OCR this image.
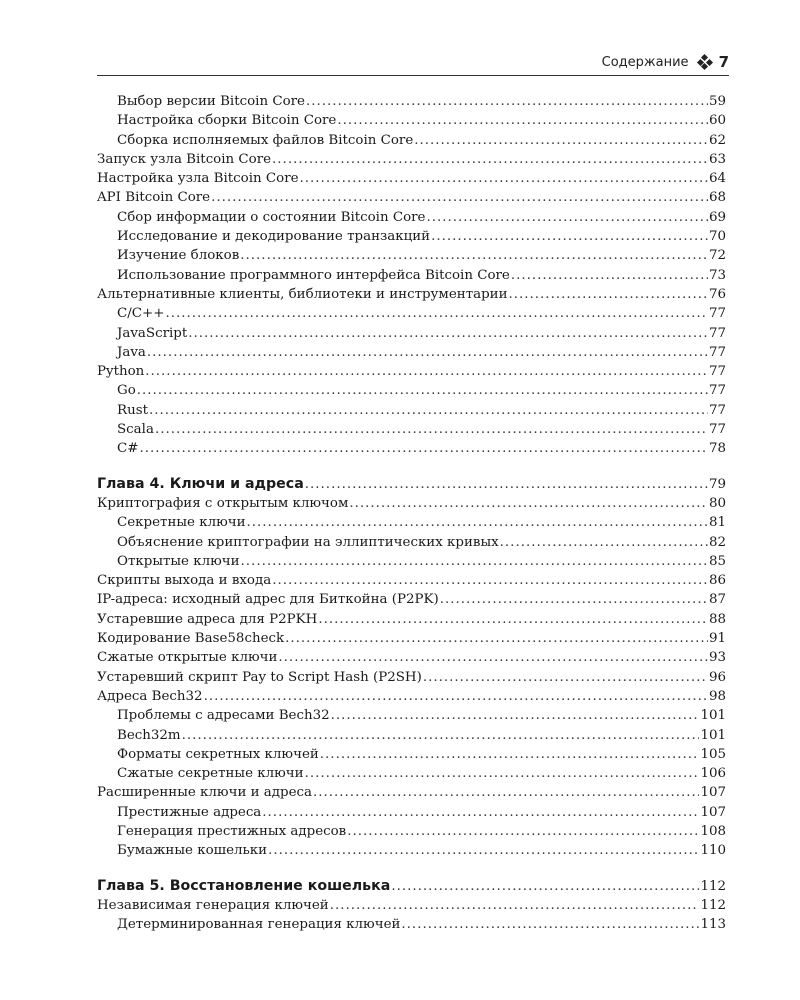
Содержание 7
Выбор версии Bitcoin Core .....	59
Настройка сборки Bitcoin Core .....	60
Сборка исполняемых файлов Bitcoin Core .....	62
Запуск узла Bitcoin Core .....	63
Настройка узла Bitcoin Core .....	64
API Bitcoin Core .....	68
Сбор информации о состоянии Bitcoin Core .....	69
Исследование и декодирование транзакций .....	70
Изучение блоков .....	72
Использование программного интерфейса Bitcoin Core .....	73
Альтернативные клиенты, библиотеки и инструментарии .....	76
C/C++ .....	77
JavaScript .....	77
Java .....	77
Python .....	77
Go .....	77
Rust .....	77
Scala .....	77
C# .....	78
Глава 4. Ключи и адреса .....	79
Криптография с открытым ключом .....	80
Секретные ключи .....	81
Объяснение криптографии на эллиптических кривых .....	82
Открытые ключи .....	85
Скрипты выхода и входа .....	86
IP-адреса: исходный адрес для Биткойна (P2PK) .....	87
Устаревшие адреса для P2PKH .....	88
Кодирование Base58check .....	91
Сжатые открытые ключи .....	93
Устаревший скрипт Pay to Script Hash (P2SH) .....	96
Адреса Bech32 .....	98
Проблемы с адресами Bech32 .....	101
Bech32m .....	101
Форматы секретных ключей .....	105
Сжатые секретные ключи .....	106
Расширенные ключи и адреса .....	107
Престижные адреса .....	107
Генерация престижных адресов .....	108
Бумажные кошельки .....	110
Глава 5. Восстановление кошелька .....	112
Независимая генерация ключей .....	112
Детерминированная генерация ключей .....	113
